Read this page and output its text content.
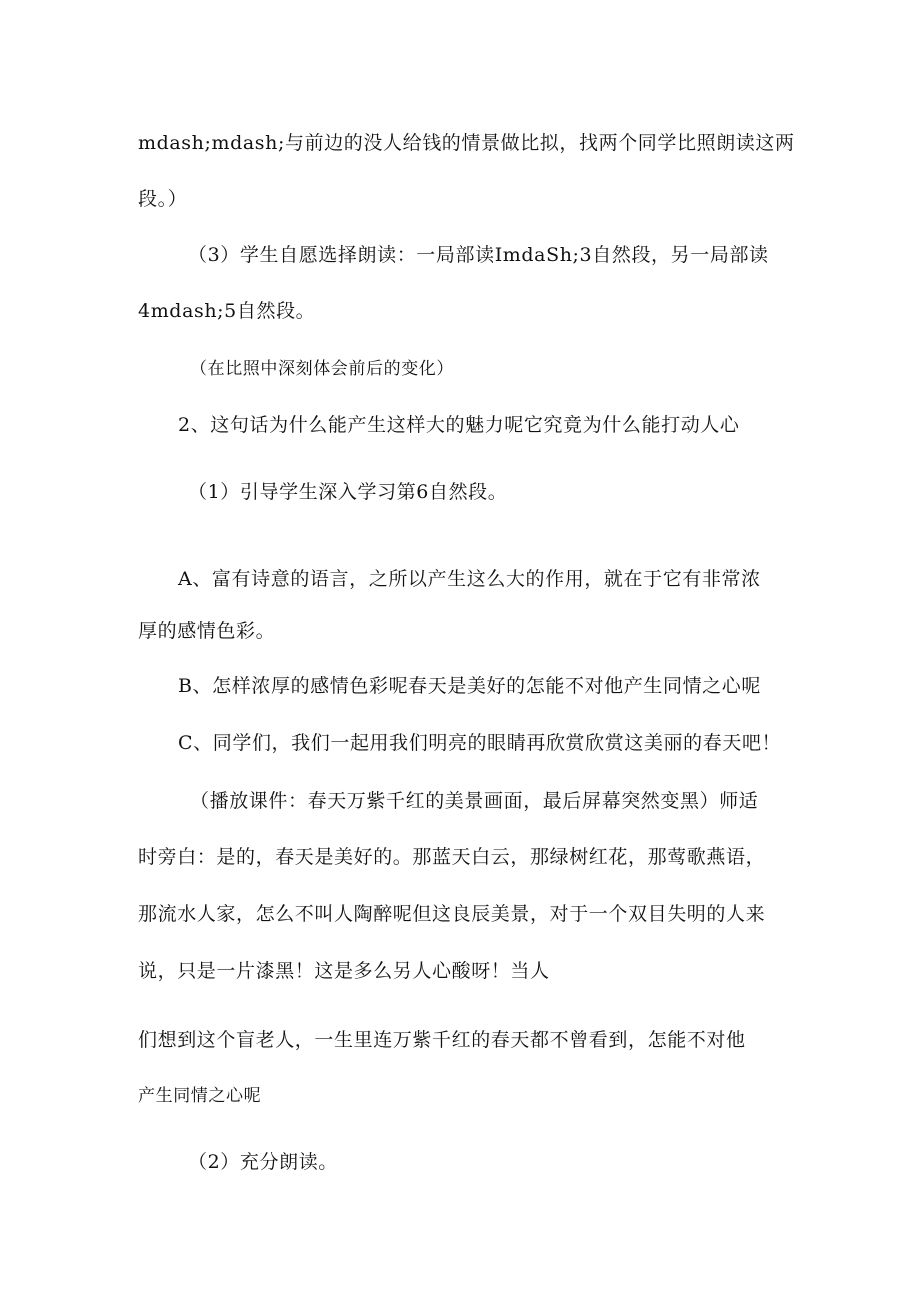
mdash;mdash;与前边的没人给钱的情景做比拟，找两个同学比照朗读这两
段。）
（3）学生自愿选择朗读：一局部读ImdaSh;3自然段，另一局部读
4mdash;5自然段。
（在比照中深刻体会前后的变化）
2、这句话为什么能产生这样大的魅力呢它究竟为什么能打动人心
（1）引导学生深入学习第6自然段。
A、富有诗意的语言，之所以产生这么大的作用，就在于它有非常浓
厚的感情色彩。
B、怎样浓厚的感情色彩呢春天是美好的怎能不对他产生同情之心呢
C、同学们，我们一起用我们明亮的眼睛再欣赏欣赏这美丽的春天吧！
（播放课件：春天万紫千红的美景画面，最后屏幕突然变黑）师适
时旁白：是的，春天是美好的。那蓝天白云，那绿树红花，那莺歌燕语，
那流水人家，怎么不叫人陶醉呢但这良辰美景，对于一个双目失明的人来
说，只是一片漆黑！这是多么另人心酸呀！当人
们想到这个盲老人，一生里连万紫千红的春天都不曾看到，怎能不对他
产生同情之心呢
（2）充分朗读。
